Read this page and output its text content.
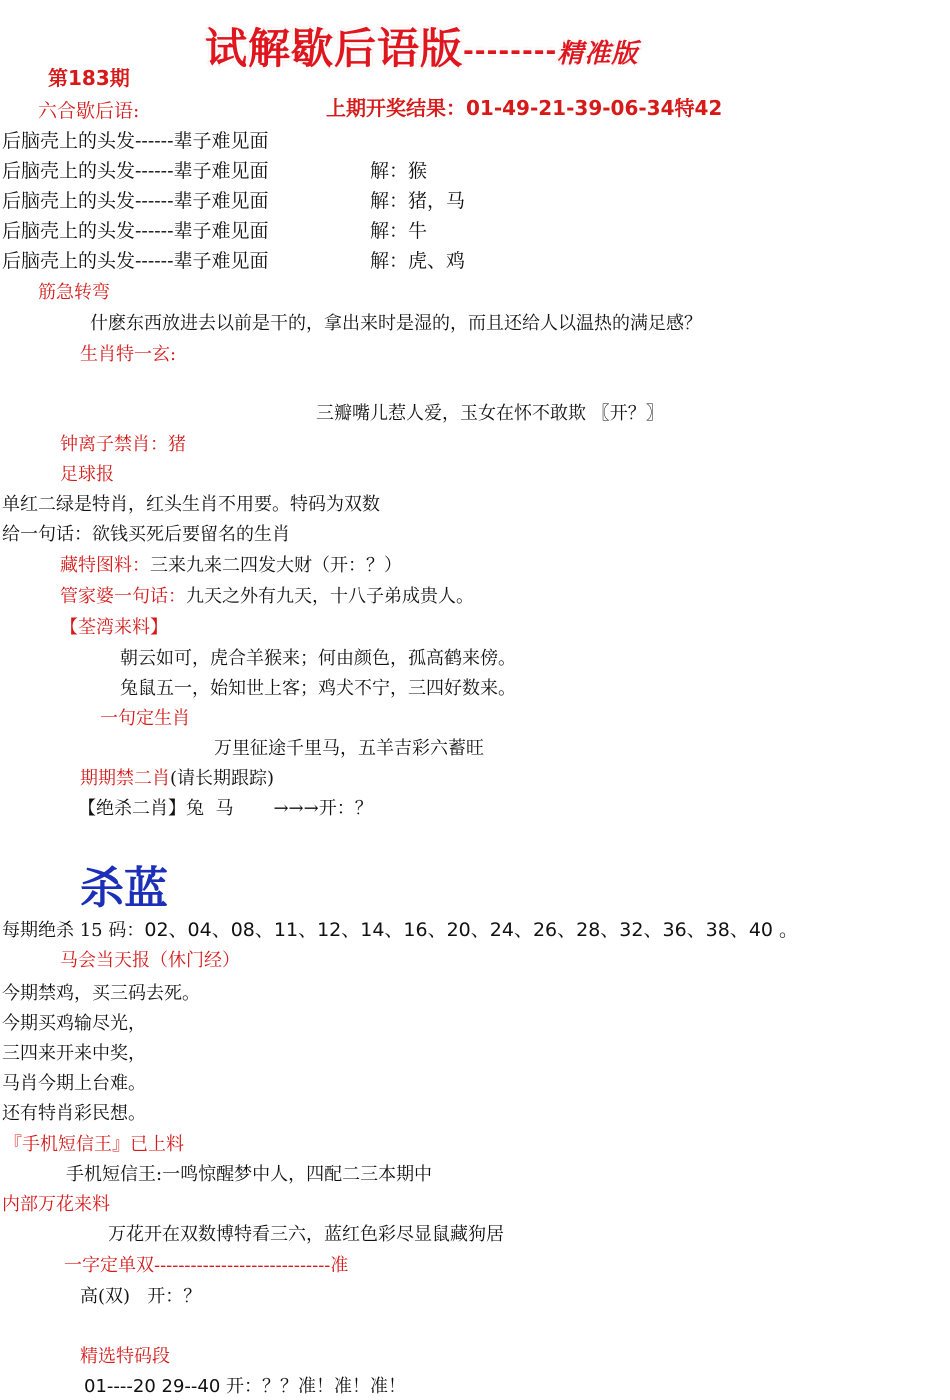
试解歇后语版--------精准版
第183期
上期开奖结果：01-49-21-39-06-34特42
六合歇后语:
后脑壳上的头发------辈子难见面
后脑壳上的头发------辈子难见面	解：猴
后脑壳上的头发------辈子难见面	解：猪，马
后脑壳上的头发------辈子难见面	解：牛
后脑壳上的头发------辈子难见面	解：虎、鸡
筋急转弯
什麽东西放进去以前是干的，拿出来时是湿的，而且还给人以温热的满足感？
生肖特一玄:
三瓣嘴儿惹人爱，玉女在怀不敢欺 〖开？〗
钟离子禁肖：猪
足球报
单红二绿是特肖，红头生肖不用要。特码为双数
给一句话：欲钱买死后要留名的生肖
藏特图料：三来九来二四发大财（开：？）
管家婆一句话：九天之外有九天，十八子弟成贵人。
【荃湾来料】
朝云如可，虎合羊猴来；何由颜色，孤高鹤来傍。
兔鼠五一，始知世上客；鸡犬不宁，三四好数来。
一句定生肖
万里征途千里马，五羊吉彩六蓄旺
期期禁二肖(请长期跟踪)
【绝杀二肖】兔  马 →→→开：？
杀蓝
每期绝杀 15 码：02、04、08、11、12、14、16、20、24、26、28、32、36、38、40 。
马会当天报（休门经）
今期禁鸡，买三码去死。
今期买鸡输尽光，
三四来开来中奖，
马肖今期上台难。
还有特肖彩民想。
『手机短信王』已上料
手机短信王:一鸣惊醒梦中人，四配二三本期中
内部万花来料
万花开在双数博特看三六，蓝红色彩尽显鼠藏狗居
一字定单双-----------------------------准
高(双)   开：？
精选特码段
01----20 29--40 开：？？准！准！准！
